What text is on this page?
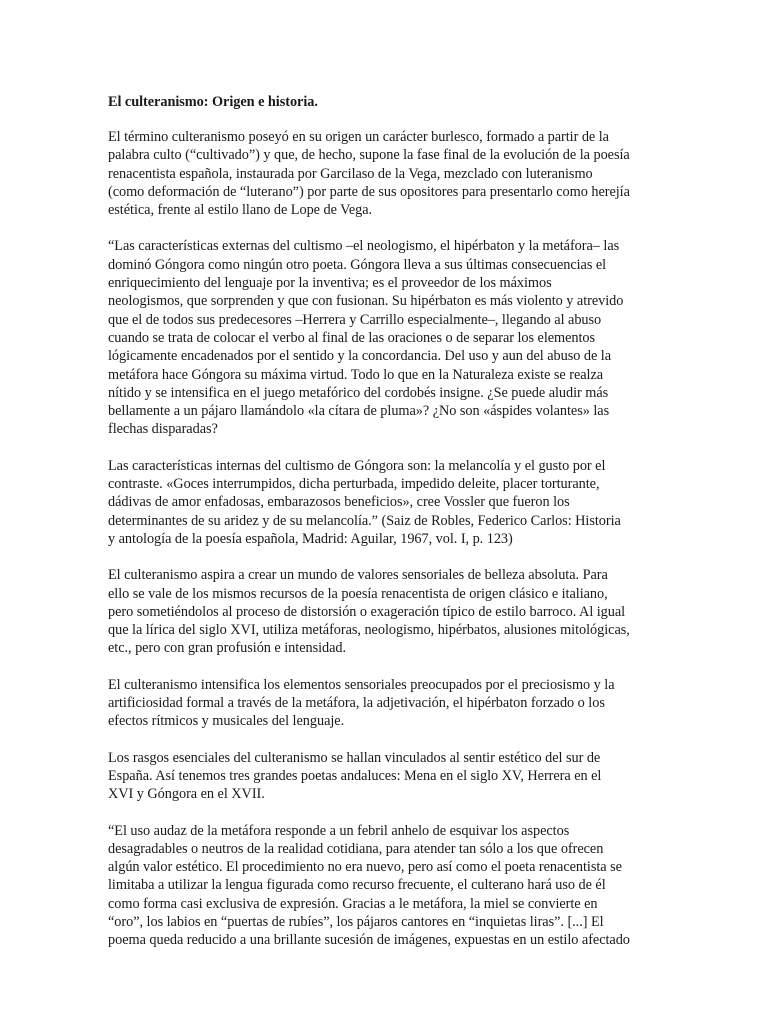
El culteranismo: Origen e historia.
El término culteranismo poseyó en su origen un carácter burlesco, formado a partir de la
palabra culto (“cultivado”) y que, de hecho, supone la fase final de la evolución de la poesía
renacentista española, instaurada por Garcilaso de la Vega, mezclado con luteranismo
(como deformación de “luterano”) por parte de sus opositores para presentarlo como herejía
estética, frente al estilo llano de Lope de Vega.
“Las características externas del cultismo –el neologismo, el hipérbaton y la metáfora– las
dominó Góngora como ningún otro poeta. Góngora lleva a sus últimas consecuencias el
enriquecimiento del lenguaje por la inventiva; es el proveedor de los máximos
neologismos, que sorprenden y que con fusionan. Su hipérbaton es más violento y atrevido
que el de todos sus predecesores –Herrera y Carrillo especialmente–, llegando al abuso
cuando se trata de colocar el verbo al final de las oraciones o de separar los elementos
lógicamente encadenados por el sentido y la concordancia. Del uso y aun del abuso de la
metáfora hace Góngora su máxima virtud. Todo lo que en la Naturaleza existe se realza
nítido y se intensifica en el juego metafórico del cordobés insigne. ¿Se puede aludir más
bellamente a un pájaro llamándolo «la cítara de pluma»? ¿No son «áspides volantes» las
flechas disparadas?
Las características internas del cultismo de Góngora son: la melancolía y el gusto por el
contraste. «Goces interrumpidos, dicha perturbada, impedido deleite, placer torturante,
dádivas de amor enfadosas, embarazosos beneficios», cree Vossler que fueron los
determinantes de su aridez y de su melancolía.” (Saiz de Robles, Federico Carlos: Historia
y antología de la poesía española, Madrid: Aguilar, 1967, vol. I, p. 123)
El culteranismo aspira a crear un mundo de valores sensoriales de belleza absoluta. Para
ello se vale de los mismos recursos de la poesía renacentista de origen clásico e italiano,
pero sometiéndolos al proceso de distorsión o exageración típico de estilo barroco. Al igual
que la lírica del siglo XVI, utiliza metáforas, neologismo, hipérbatos, alusiones mitológicas,
etc., pero con gran profusión e intensidad.
El culteranismo intensifica los elementos sensoriales preocupados por el preciosismo y la
artificiosidad formal a través de la metáfora, la adjetivación, el hipérbaton forzado o los
efectos rítmicos y musicales del lenguaje.
Los rasgos esenciales del culteranismo se hallan vinculados al sentir estético del sur de
España. Así tenemos tres grandes poetas andaluces: Mena en el siglo XV, Herrera en el
XVI y Góngora en el XVII.
“El uso audaz de la metáfora responde a un febril anhelo de esquivar los aspectos
desagradables o neutros de la realidad cotidiana, para atender tan sólo a los que ofrecen
algún valor estético. El procedimiento no era nuevo, pero así como el poeta renacentista se
limitaba a utilizar la lengua figurada como recurso frecuente, el culterano hará uso de él
como forma casi exclusiva de expresión. Gracias a le metáfora, la miel se convierte en
“oro”, los labios en “puertas de rubíes”, los pájaros cantores en “inquietas liras”. [...] El
poema queda reducido a una brillante sucesión de imágenes, expuestas en un estilo afectado
